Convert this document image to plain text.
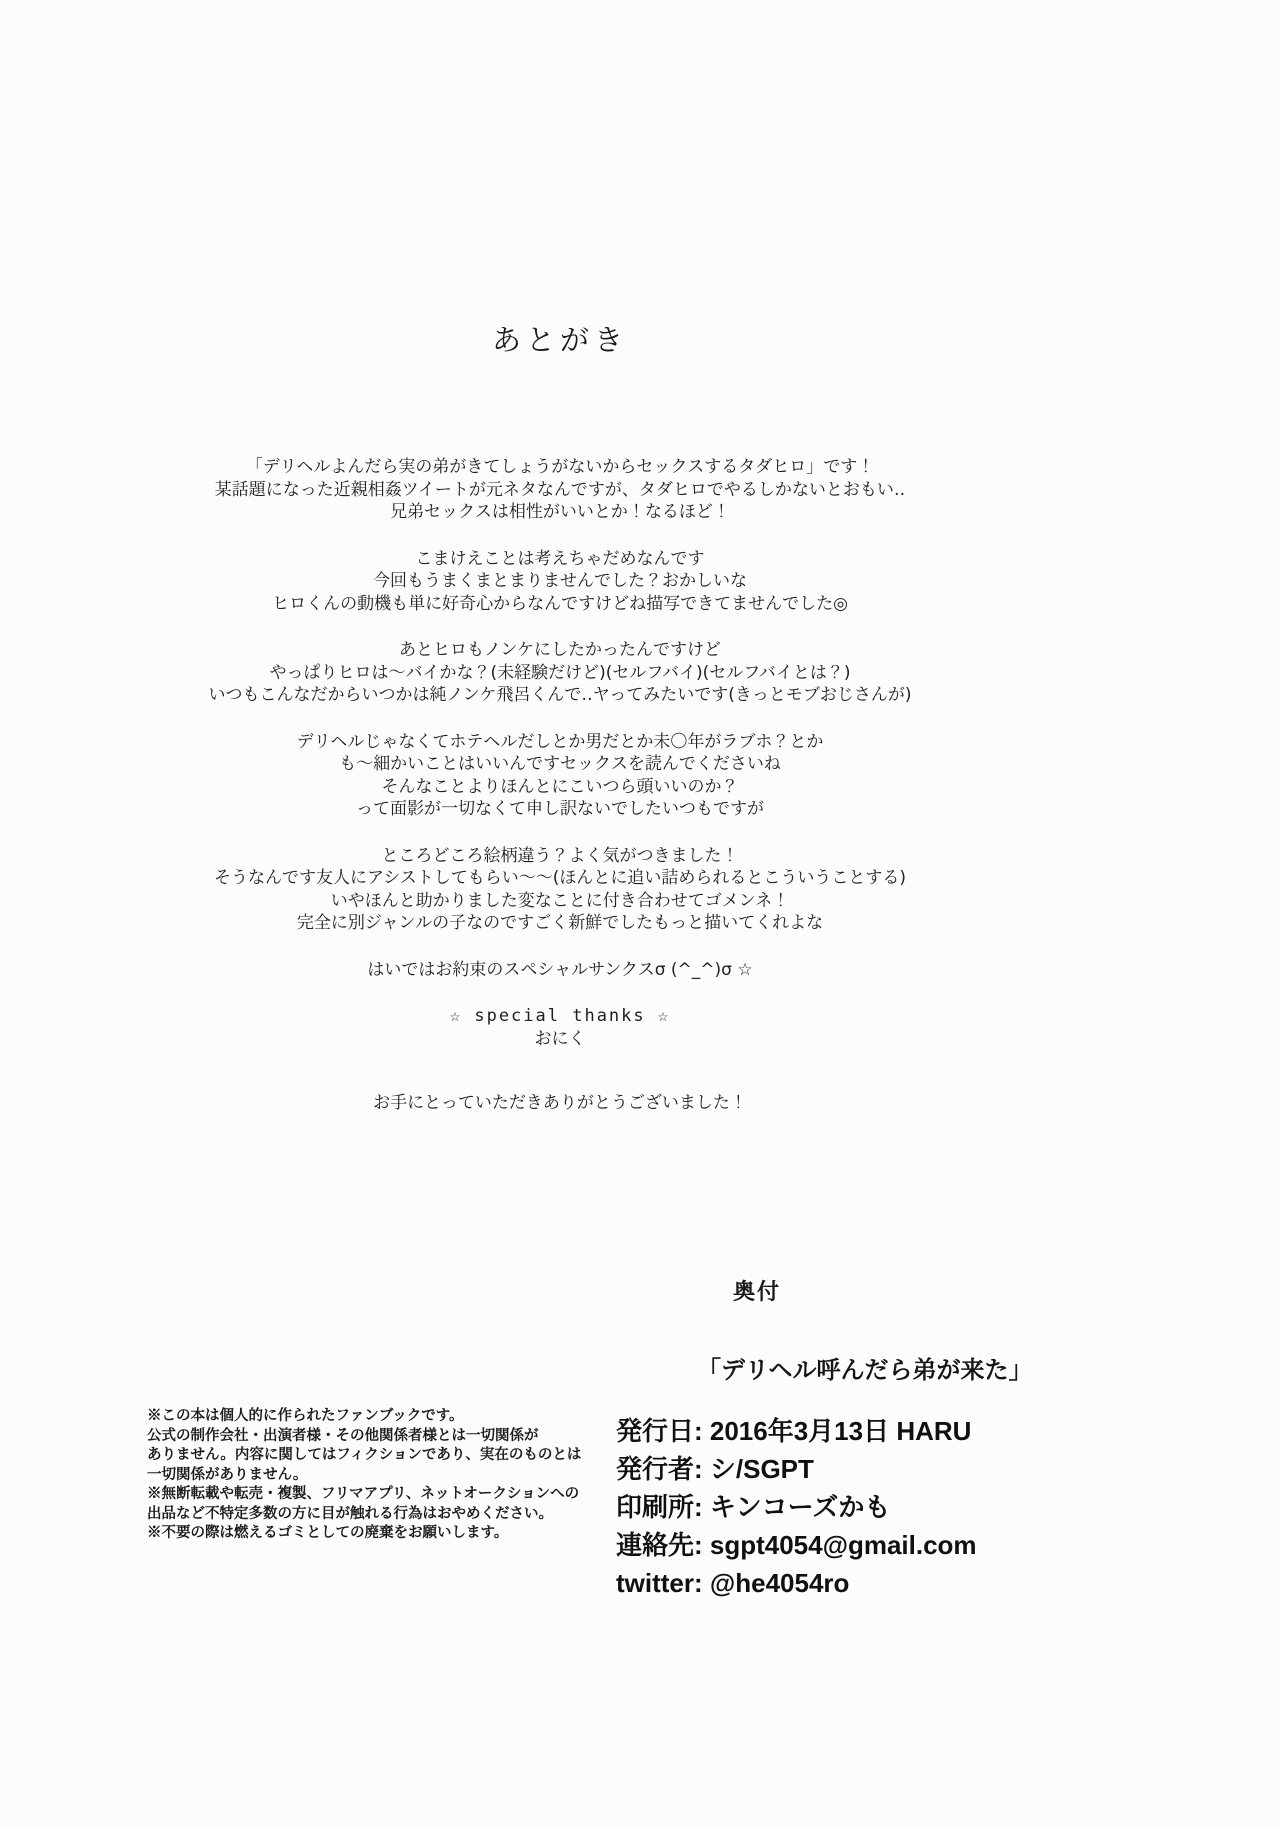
あとがき

「デリヘルよんだら実の弟がきてしょうがないからセックスするタダヒロ」です！
某話題になった近親相姦ツイートが元ネタなんですが、タダヒロでやるしかないとおもい‥
兄弟セックスは相性がいいとか！なるほど！

こまけえことは考えちゃだめなんです
今回もうまくまとまりませんでした？おかしいな
ヒロくんの動機も単に好奇心からなんですけどね描写できてませんでした◎

あとヒロもノンケにしたかったんですけど
やっぱりヒロは～バイかな？(未経験だけど)(セルフバイ)(セルフバイとは？)
いつもこんなだからいつかは純ノンケ飛呂くんで‥ヤってみたいです(きっとモブおじさんが)

デリヘルじゃなくてホテヘルだしとか男だとか未〇年がラブホ？とか
も～細かいことはいいんですセックスを読んでくださいね
そんなことよりほんとにこいつら頭いいのか？
って面影が一切なくて申し訳ないでしたいつもですが

ところどころ絵柄違う？よく気がつきました！
そうなんです友人にアシストしてもらい～～(ほんとに追い詰められるとこういうことする)
いやほんと助かりました変なことに付き合わせてゴメンネ！
完全に別ジャンルの子なのですごく新鮮でしたもっと描いてくれよな

はいではお約束のスペシャルサンクスσ (^_^)σ ☆

☆ special thanks ☆
おにく

お手にとっていただきありがとうございました！

奥付
「デリヘル呼んだら弟が来た」
※この本は個人的に作られたファンブックです。
公式の制作会社・出演者様・その他関係者様とは一切関係が
ありません。内容に関してはフィクションであり、実在のものとは
一切関係がありません。
※無断転載や転売・複製、フリマアプリ、ネットオークションへの
出品など不特定多数の方に目が触れる行為はおやめください。
※不要の際は燃えるゴミとしての廃棄をお願いします。
発行日: 2016年3月13日 HARU
発行者: シ/SGPT
印刷所: キンコーズかも
連絡先: sgpt4054@gmail.com
twitter: @he4054ro
